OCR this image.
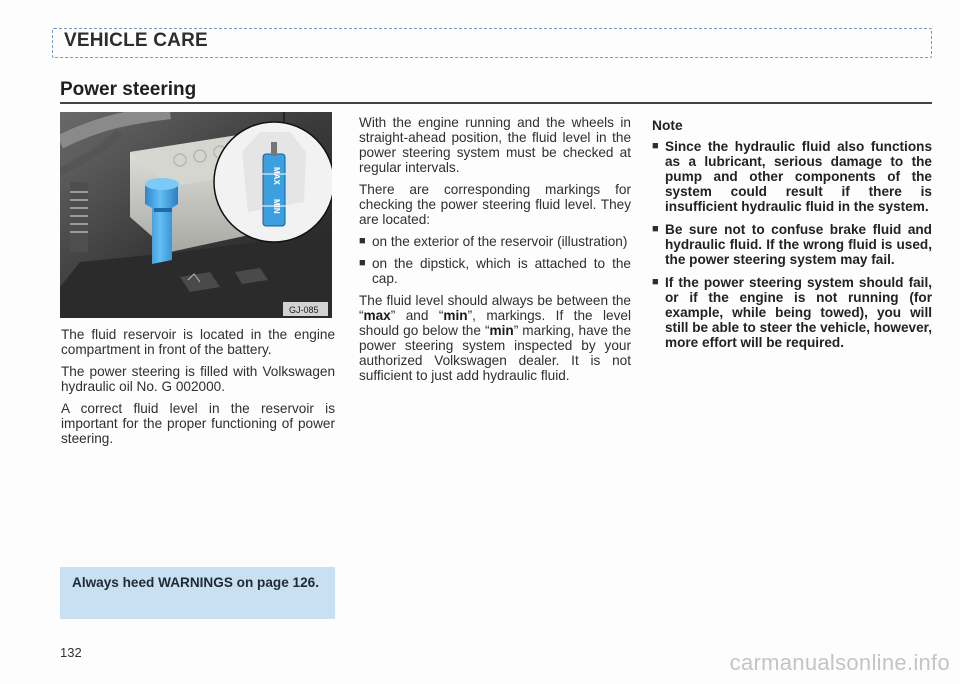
VEHICLE CARE
Power steering
MAX
MIN
GJ-085

The fluid reservoir is located in the engine compartment in front of the battery.

The power steering is filled with Volkswagen hydraulic oil No. G 002000.

A correct fluid level in the reservoir is important for the proper functioning of power steering.

With the engine running and the wheels in straight-ahead position, the fluid level in the power steering system must be checked at regular intervals.

There are corresponding markings for checking the power steering fluid level. They are located:

■ on the exterior of the reservoir (illustration)

■ on the dipstick, which is attached to the cap.

The fluid level should always be between the “max” and “min”, markings. If the level should go below the “min” marking, have the power steering system inspected by your authorized Volkswagen dealer. It is not sufficient to just add hydraulic fluid.

Note

■ Since the hydraulic fluid also functions as a lubricant, serious damage to the pump and other components of the system could result if there is insufficient hydraulic fluid in the system.

■ Be sure not to confuse brake fluid and hydraulic fluid. If the wrong fluid is used, the power steering system may fail.

■ If the power steering system should fail, or if the engine is not running (for example, while being towed), you will still be able to steer the vehicle, however, more effort will be required.

Always heed WARNINGS on page 126.
132	carmanualsonline.info
